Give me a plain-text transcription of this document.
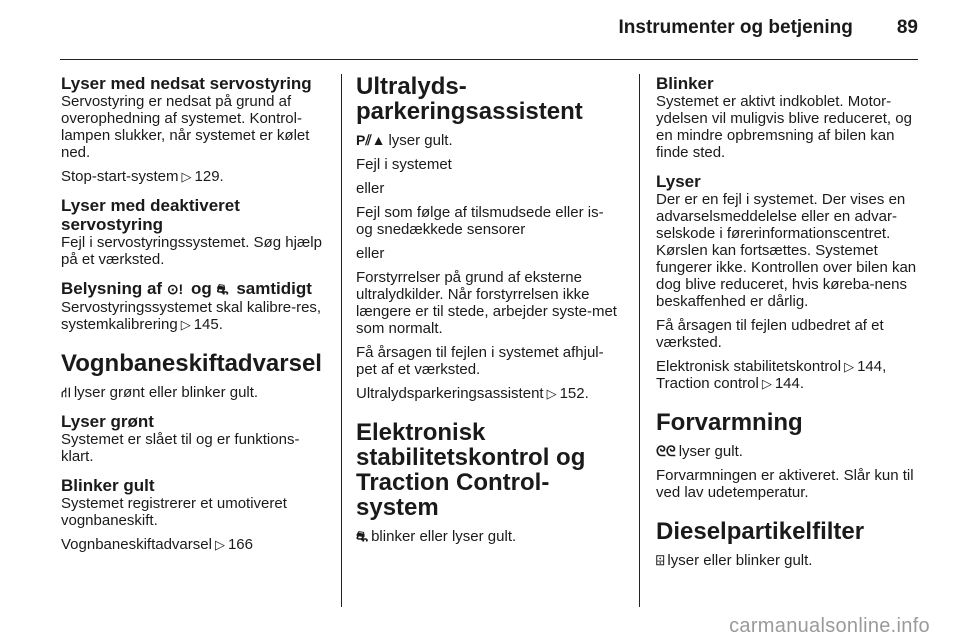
Instrumenter og betjening 89

Lyser med nedsat servostyring

Servostyring er nedsat på grund af overophedning af systemet. Kontrol-lampen slukker, når systemet er kølet ned.

Stop-start-system ▷ 129.

Lyser med deaktiveret servostyring

Fejl i servostyringssystemet. Søg hjælp på et værksted.

Belysning af ⊙! og ⛐ samtidigt

Servostyringssystemet skal kalibre-res, systemkalibrering ▷ 145.

Vognbaneskiftadvarsel

⛙ lyser grønt eller blinker gult.

Lyser grønt

Systemet er slået til og er funktions-klart.

Blinker gult

Systemet registrerer et umotiveret vognbaneskift.

Vognbaneskiftadvarsel ▷ 166

Ultralyds-parkeringsassistent

P⫽▲ lyser gult.

Fejl i systemet

eller

Fejl som følge af tilsmudsede eller is- og snedækkede sensorer

eller

Forstyrrelser på grund af eksterne ultralydkilder. Når forstyrrelsen ikke længere er til stede, arbejder syste-met som normalt.

Få årsagen til fejlen i systemet afhjul-pet af et værksted.

Ultralydsparkeringsassistent ▷ 152.

Elektronisk stabilitetskontrol og Traction Control-system

⛐ blinker eller lyser gult.

Blinker

Systemet er aktivt indkoblet. Motor-ydelsen vil muligvis blive reduceret, og en mindre opbremsning af bilen kan finde sted.

Lyser

Der er en fejl i systemet. Der vises en advarselsmeddelelse eller en advar-selskode i førerinformationscentret. Kørslen kan fortsættes. Systemet fungerer ikke. Kontrollen over bilen kan dog blive reduceret, hvis køreba-nens beskaffenhed er dårlig.

Få årsagen til fejlen udbedret af et værksted.

Elektronisk stabilitetskontrol ▷ 144,

Traction control ▷ 144.

Forvarmning

ᘓᘓ lyser gult.

Forvarmningen er aktiveret. Slår kun til ved lav udetemperatur.

Dieselpartikelfilter

⌹ lyser eller blinker gult.

carmanualsonline.info
